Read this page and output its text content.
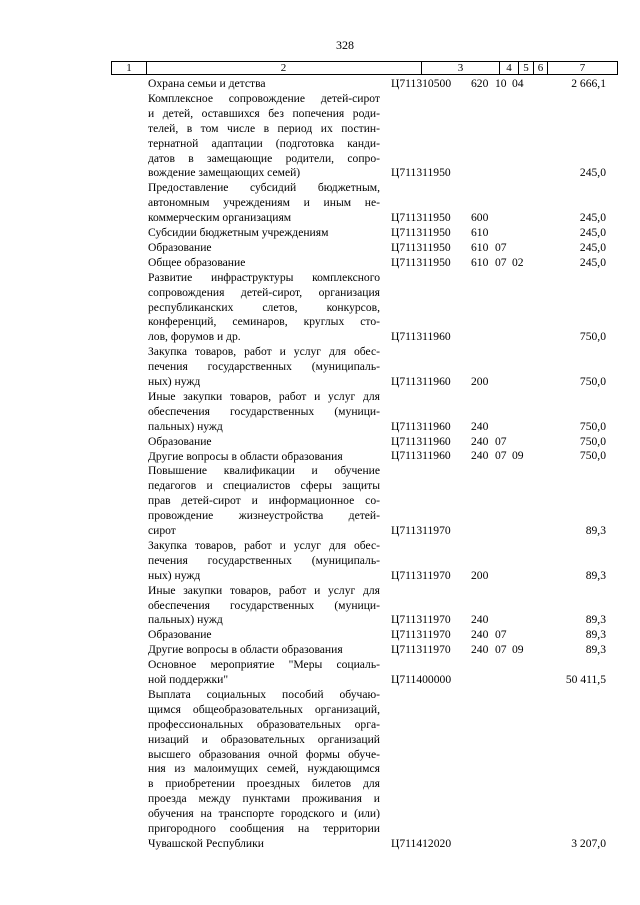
328
1	2	3	4	5 6	7
Охрана семьи и детства	Ц711310500 620 10 04	2 666,1
Комплексное сопровождение детей-сирот
и детей, оставшихся без попечения роди-
телей, в том числе в период их постин-
тернатной адаптации (подготовка канди-
датов в замещающие родители, сопро-
вождение замещающих семей)	Ц711311950	245,0
Предоставление субсидий бюджетным,
автономным учреждениям и иным не-
коммерческим организациям	Ц711311950 600	245,0
Субсидии бюджетным учреждениям	Ц711311950 610	245,0
Образование	Ц711311950 610 07	245,0
Общее образование	Ц711311950 610 07 02	245,0
Развитие инфраструктуры комплексного
сопровождения детей-сирот, организация
республиканских слетов, конкурсов,
конференций, семинаров, круглых сто-
лов, форумов и др.	Ц711311960	750,0
Закупка товаров, работ и услуг для обес-
печения государственных (муниципаль-
ных) нужд	Ц711311960 200	750,0
Иные закупки товаров, работ и услуг для
обеспечения государственных (муници-
пальных) нужд	Ц711311960 240	750,0
Образование	Ц711311960 240 07	750,0
Другие вопросы в области образования	Ц711311960 240 07 09	750,0
Повышение квалификации и обучение
педагогов и специалистов сферы защиты
прав детей-сирот и информационное со-
провождение жизнеустройства детей-
сирот	Ц711311970	89,3
Закупка товаров, работ и услуг для обес-
печения государственных (муниципаль-
ных) нужд	Ц711311970 200	89,3
Иные закупки товаров, работ и услуг для
обеспечения государственных (муници-
пальных) нужд	Ц711311970 240	89,3
Образование	Ц711311970 240 07	89,3
Другие вопросы в области образования	Ц711311970 240 07 09	89,3
Основное мероприятие "Меры социаль-
ной поддержки"	Ц711400000	50 411,5
Выплата социальных пособий обучаю-
щимся общеобразовательных организаций,
профессиональных образовательных орга-
низаций и образовательных организаций
высшего образования очной формы обуче-
ния из малоимущих семей, нуждающимся
в приобретении проездных билетов для
проезда между пунктами проживания и
обучения на транспорте городского и (или)
пригородного сообщения на территории
Чувашской Республики	Ц711412020	3 207,0
